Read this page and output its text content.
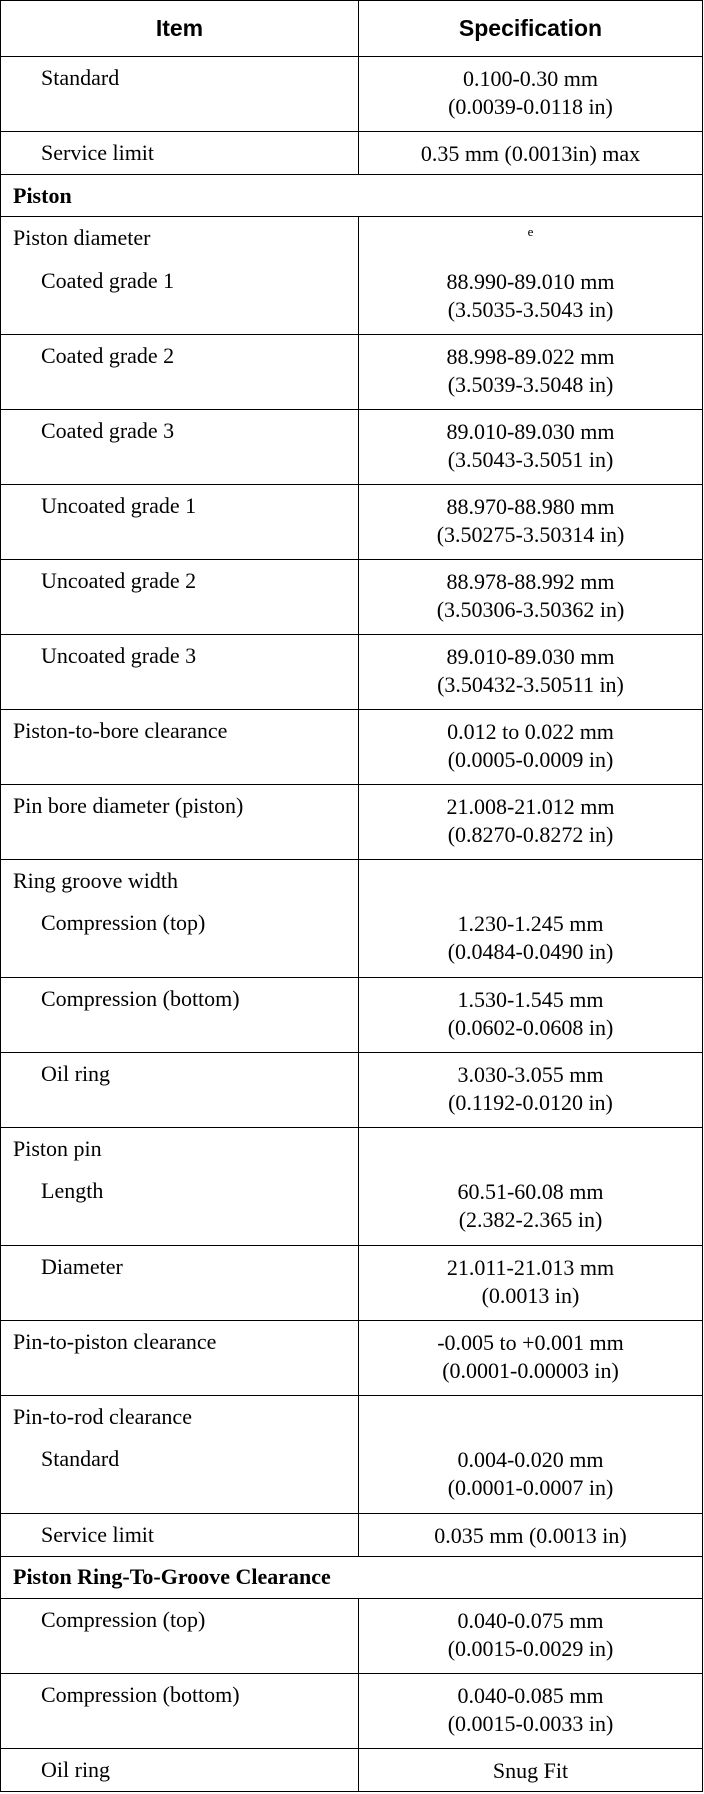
Item	Specification
Standard	0.100-0.30 mm
(0.0039-0.0118 in)

Service limit	0.35 mm (0.0013in) max

Piston	
Piston diameter	e

Coated grade 1	88.990-89.010 mm
(3.5035-3.5043 in)

Coated grade 2	88.998-89.022 mm
(3.5039-3.5048 in)

Coated grade 3	89.010-89.030 mm
(3.5043-3.5051 in)

Uncoated grade 1	88.970-88.980 mm
(3.50275-3.50314 in)

Uncoated grade 2	88.978-88.992 mm
(3.50306-3.50362 in)

Uncoated grade 3	89.010-89.030 mm
(3.50432-3.50511 in)

Piston-to-bore clearance	0.012 to 0.022 mm
(0.0005-0.0009 in)

Pin bore diameter (piston)	21.008-21.012 mm
(0.8270-0.8272 in)

Ring groove width	
Compression (top)	1.230-1.245 mm
(0.0484-0.0490 in)

Compression (bottom)	1.530-1.545 mm
(0.0602-0.0608 in)

Oil ring	3.030-3.055 mm
(0.1192-0.0120 in)

Piston pin	
Length	60.51-60.08 mm
(2.382-2.365 in)

Diameter	21.011-21.013 mm
(0.0013 in)

Pin-to-piston clearance	-0.005 to +0.001 mm
(0.0001-0.00003 in)

Pin-to-rod clearance	
Standard	0.004-0.020 mm
(0.0001-0.0007 in)

Service limit	0.035 mm (0.0013 in)

Piston Ring-To-Groove Clearance	
Compression (top)	0.040-0.075 mm
(0.0015-0.0029 in)

Compression (bottom)	0.040-0.085 mm
(0.0015-0.0033 in)

Oil ring	Snug Fit
